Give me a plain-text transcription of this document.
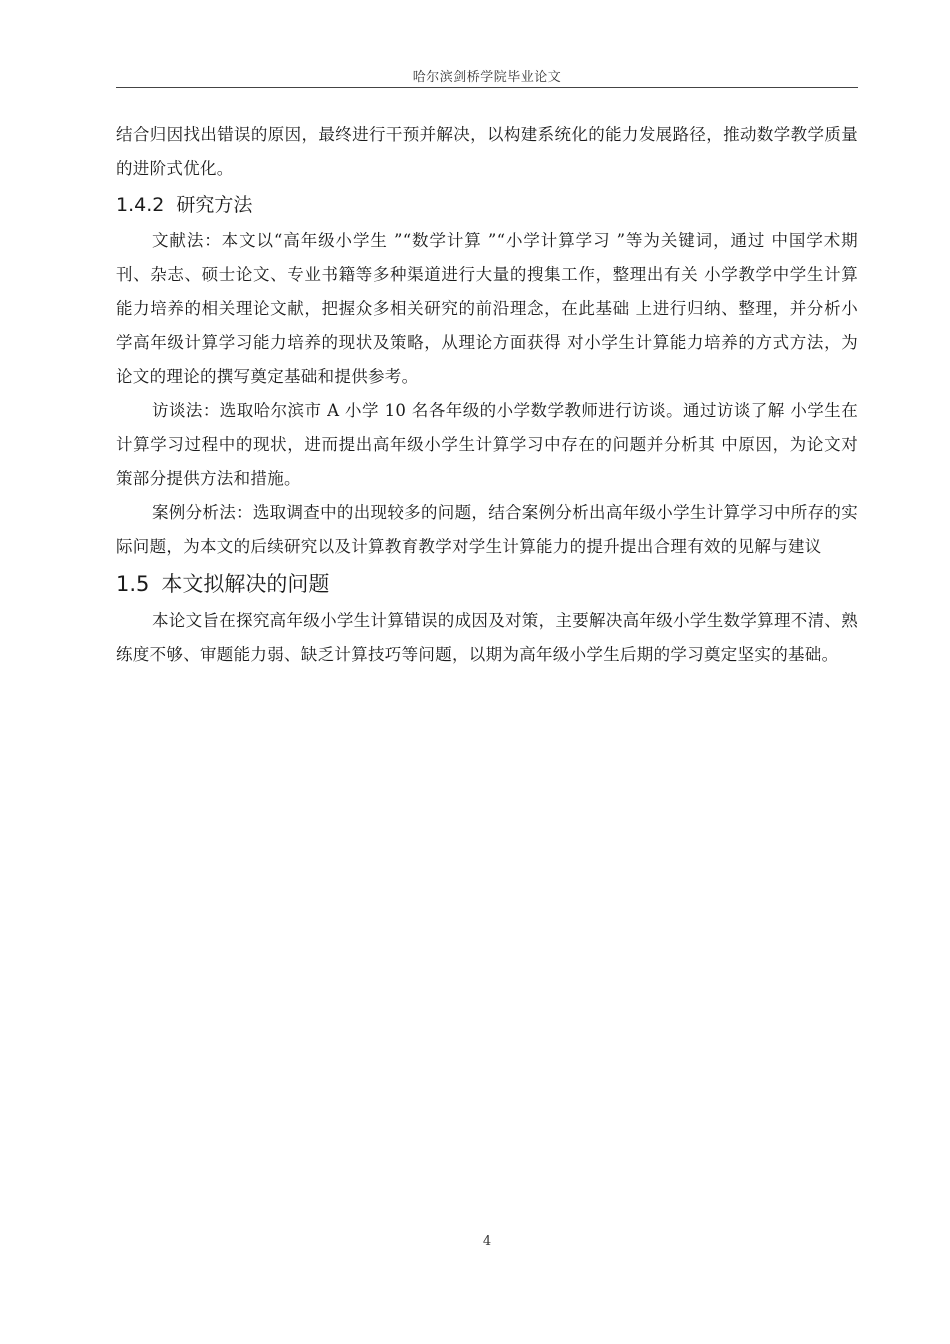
哈尔滨剑桥学院毕业论文

结合归因找出错误的原因，最终进行干预并解决，以构建系统化的能力发展路径，推动数学教学质量的进阶式优化。

1.4.2 研究方法

文献法：本文以“高年级小学生 ”“数学计算 ”“小学计算学习 ”等为关键词，通过 中国学术期刊、杂志、硕士论文、专业书籍等多种渠道进行大量的搜集工作，整理出有关 小学教学中学生计算能力培养的相关理论文献，把握众多相关研究的前沿理念，在此基础 上进行归纳、整理，并分析小学高年级计算学习能力培养的现状及策略，从理论方面获得 对小学生计算能力培养的方式方法，为论文的理论的撰写奠定基础和提供参考。

访谈法：选取哈尔滨市 A 小学 10 名各年级的小学数学教师进行访谈。通过访谈了解 小学生在计算学习过程中的现状，进而提出高年级小学生计算学习中存在的问题并分析其 中原因，为论文对策部分提供方法和措施。

案例分析法：选取调查中的出现较多的问题，结合案例分析出高年级小学生计算学习中所存的实际问题，为本文的后续研究以及计算教育教学对学生计算能力的提升提出合理有效的见解与建议

1.5 本文拟解决的问题

本论文旨在探究高年级小学生计算错误的成因及对策，主要解决高年级小学生数学算理不清、熟练度不够、审题能力弱、缺乏计算技巧等问题，以期为高年级小学生后期的学习奠定坚实的基础。

4
